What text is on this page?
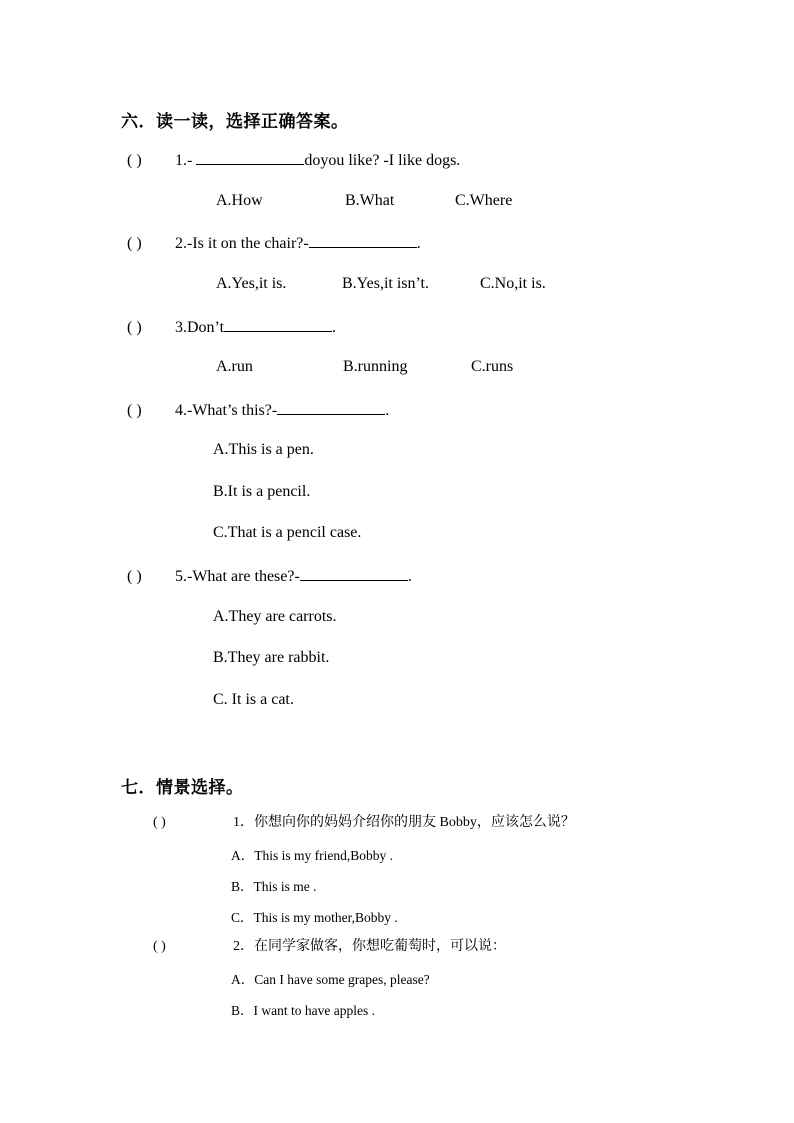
六．读一读，选择正确答案。
( ) 1.-	doyou like? -I like dogs.
A.How	B.What	C.Where
( ) 2.-Is it on the chair?-	.
A.Yes,it is.	B.Yes,it isn’t.	C.No,it is.
( ) 3.Don’t	.
A.run	B.running	C.runs
( ) 4.-What’s this?-	.
A.This is a pen.
B.It is a pencil.
C.That is a pencil case.
( ) 5.-What are these?-	.
A.They are carrots.
B.They are rabbit.
C. It is a cat.
七．情景选择。
( )	1．你想向你的妈妈介绍你的朋友 Bobby，应该怎么说？
A．This is my friend,Bobby .
B．This is me .
C．This is my mother,Bobby .
( )	2．在同学家做客，你想吃葡萄时，可以说：
A．Can I have some grapes, please?
B．I want to have apples .
